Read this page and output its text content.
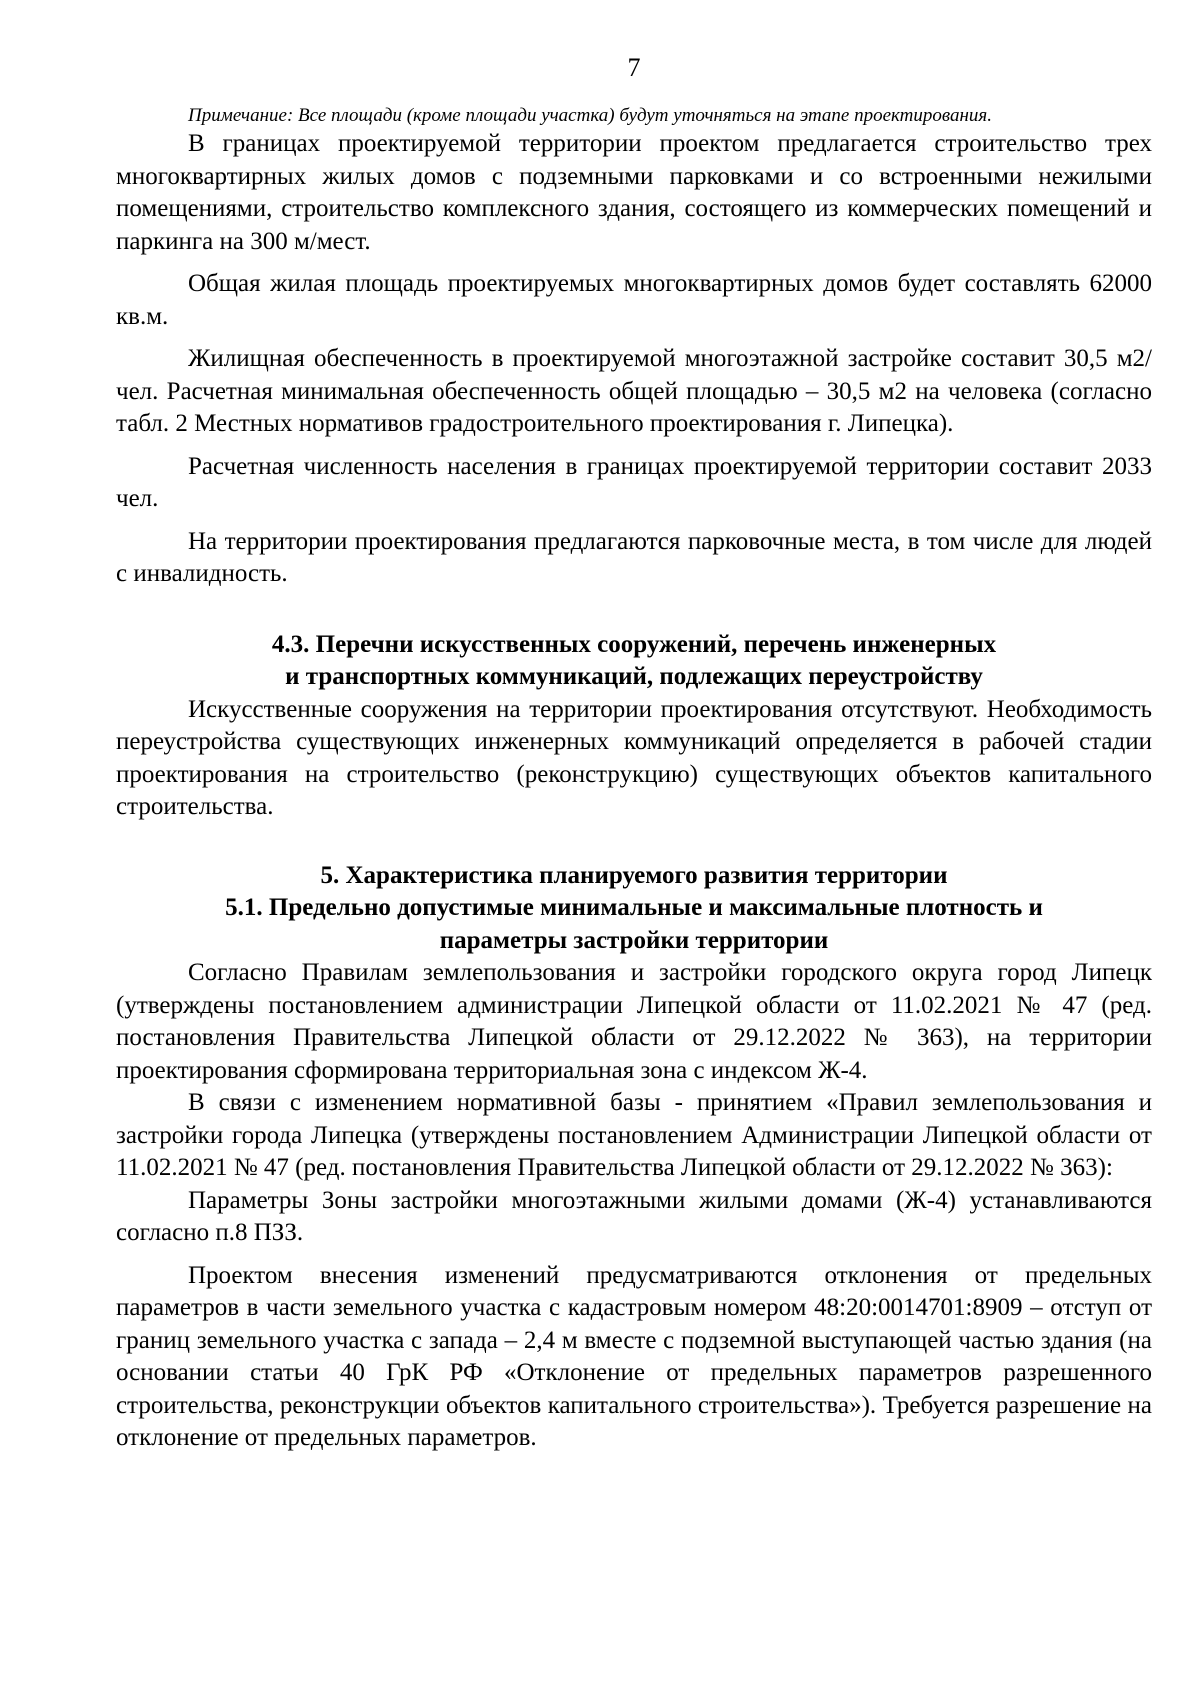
7

Примечание: Все площади (кроме площади участка) будут уточняться на этапе проектирования.

В границах проектируемой территории проектом предлагается строительство трех многоквартирных жилых домов с подземными парковками и со встроенными нежилыми помещениями, строительство комплексного здания, состоящего из коммерческих помещений и паркинга на 300 м/мест.

Общая жилая площадь проектируемых многоквартирных домов будет составлять 62000 кв.м.

Жилищная обеспеченность в проектируемой многоэтажной застройке составит 30,5 м2/чел. Расчетная минимальная обеспеченность общей площадью – 30,5 м2 на человека (согласно табл. 2 Местных нормативов градостроительного проектирования г. Липецка).

Расчетная численность населения в границах проектируемой территории составит 2033 чел.

На территории проектирования предлагаются парковочные места, в том числе для людей с инвалидность.

4.3. Перечни искусственных сооружений, перечень инженерных
и транспортных коммуникаций, подлежащих переустройству

Искусственные сооружения на территории проектирования отсутствуют. Необходимость переустройства существующих инженерных коммуникаций определяется в рабочей стадии проектирования на строительство (реконструкцию) существующих объектов капитального строительства.

5. Характеристика планируемого развития территории
5.1. Предельно допустимые минимальные и максимальные плотность и
параметры застройки территории

Согласно Правилам землепользования и застройки городского округа город Липецк (утверждены постановлением администрации Липецкой области от 11.02.2021 № 47 (ред. постановления Правительства Липецкой области от 29.12.2022 № 363), на территории проектирования сформирована территориальная зона с индексом Ж-4.

В связи с изменением нормативной базы - принятием «Правил землепользования и застройки города Липецка (утверждены постановлением Администрации Липецкой области от 11.02.2021 № 47 (ред. постановления Правительства Липецкой области от 29.12.2022 № 363):

Параметры Зоны застройки многоэтажными жилыми домами (Ж-4) устанавливаются согласно п.8 ПЗЗ.

Проектом внесения изменений предусматриваются отклонения от предельных параметров в части земельного участка с кадастровым номером 48:20:0014701:8909 – отступ от границ земельного участка с запада – 2,4 м вместе с подземной выступающей частью здания (на основании статьи 40 ГрК РФ «Отклонение от предельных параметров разрешенного строительства, реконструкции объектов капитального строительства»). Требуется разрешение на отклонение от предельных параметров.
